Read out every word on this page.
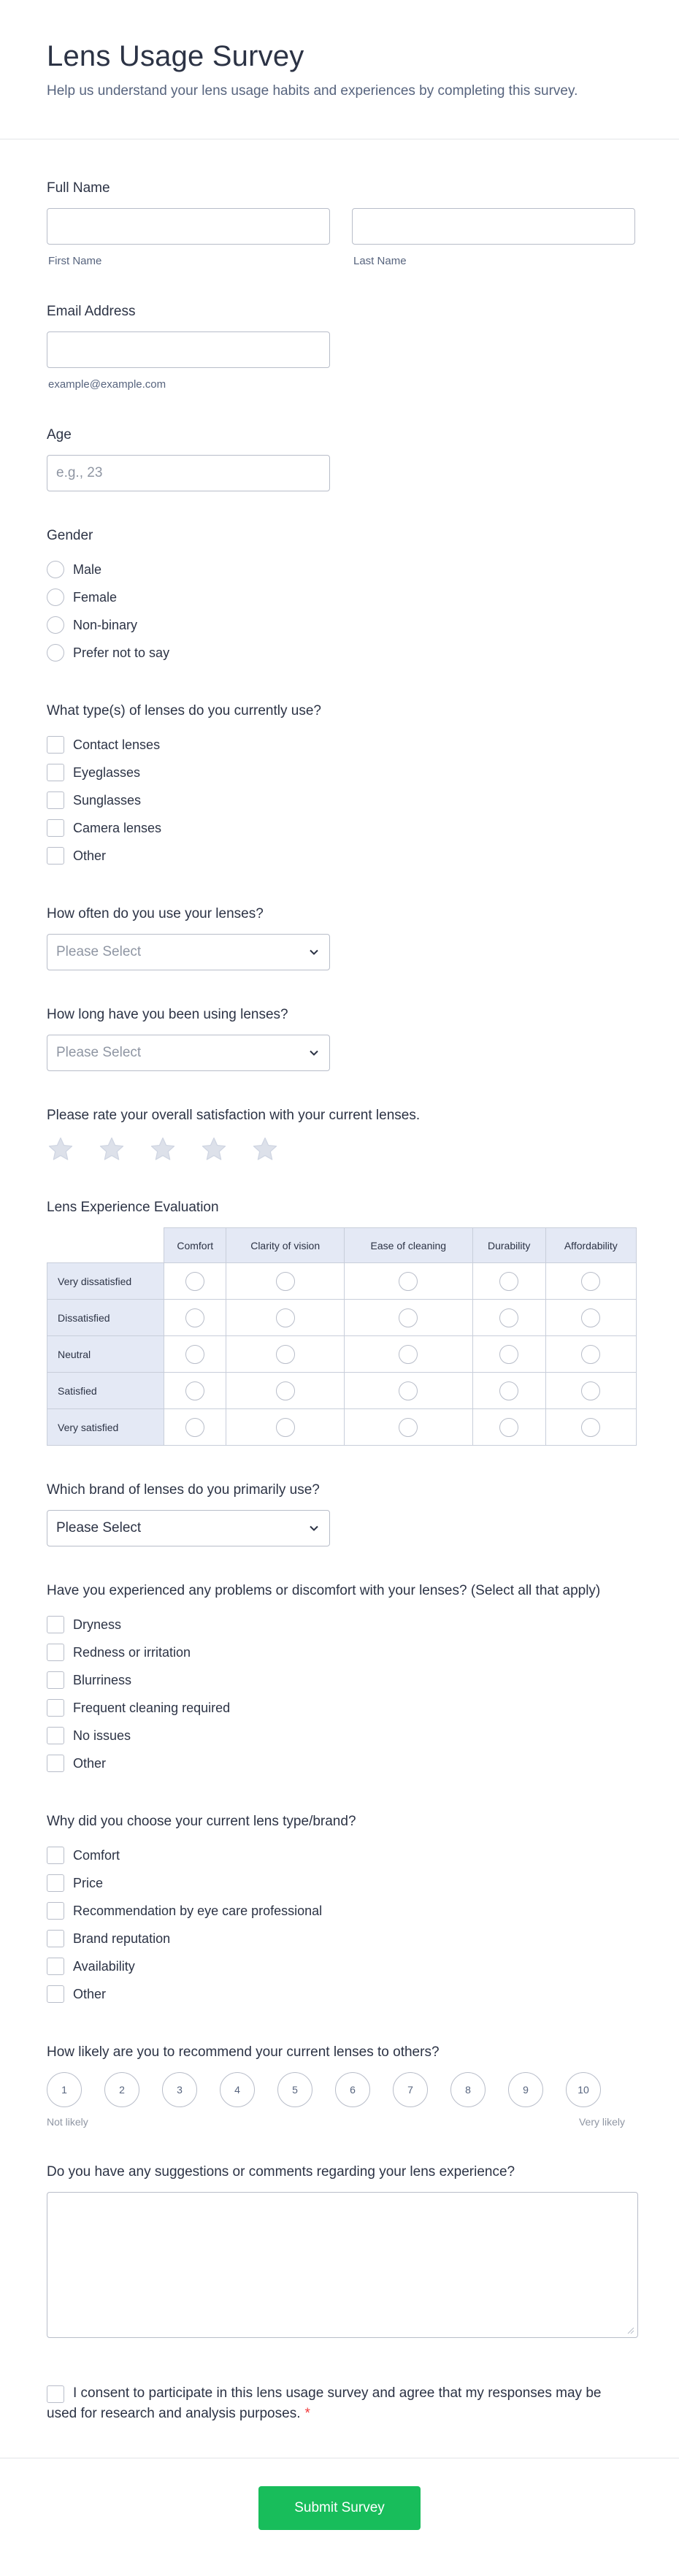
Lens Usage Survey

Help us understand your lens usage habits and experiences by completing this survey.

Full Name
First Name	Last Name
Email Address
example@example.com
Age
e.g., 23
Gender
Male
Female
Non-binary
Prefer not to say
What type(s) of lenses do you currently use?
Contact lenses
Eyeglasses
Sunglasses
Camera lenses
Other
How often do you use your lenses?
Please Select
How long have you been using lenses?
Please Select
Please rate your overall satisfaction with your current lenses.
Lens Experience Evaluation
	Comfort	Clarity of vision	Ease of cleaning	Durability	Affordability
Very dissatisfied					
Dissatisfied					
Neutral					
Satisfied					
Very satisfied					
Which brand of lenses do you primarily use?
Please Select
Have you experienced any problems or discomfort with your lenses? (Select all that apply)
Dryness
Redness or irritation
Blurriness
Frequent cleaning required
No issues
Other
Why did you choose your current lens type/brand?
Comfort
Price
Recommendation by eye care professional
Brand reputation
Availability
Other
How likely are you to recommend your current lenses to others?
1	2	3	4	5	6	7	8	9	10
Not likely	Very likely
Do you have any suggestions or comments regarding your lens experience?

I consent to participate in this lens usage survey and agree that my responses may be used for research and analysis purposes. *

Submit Survey
